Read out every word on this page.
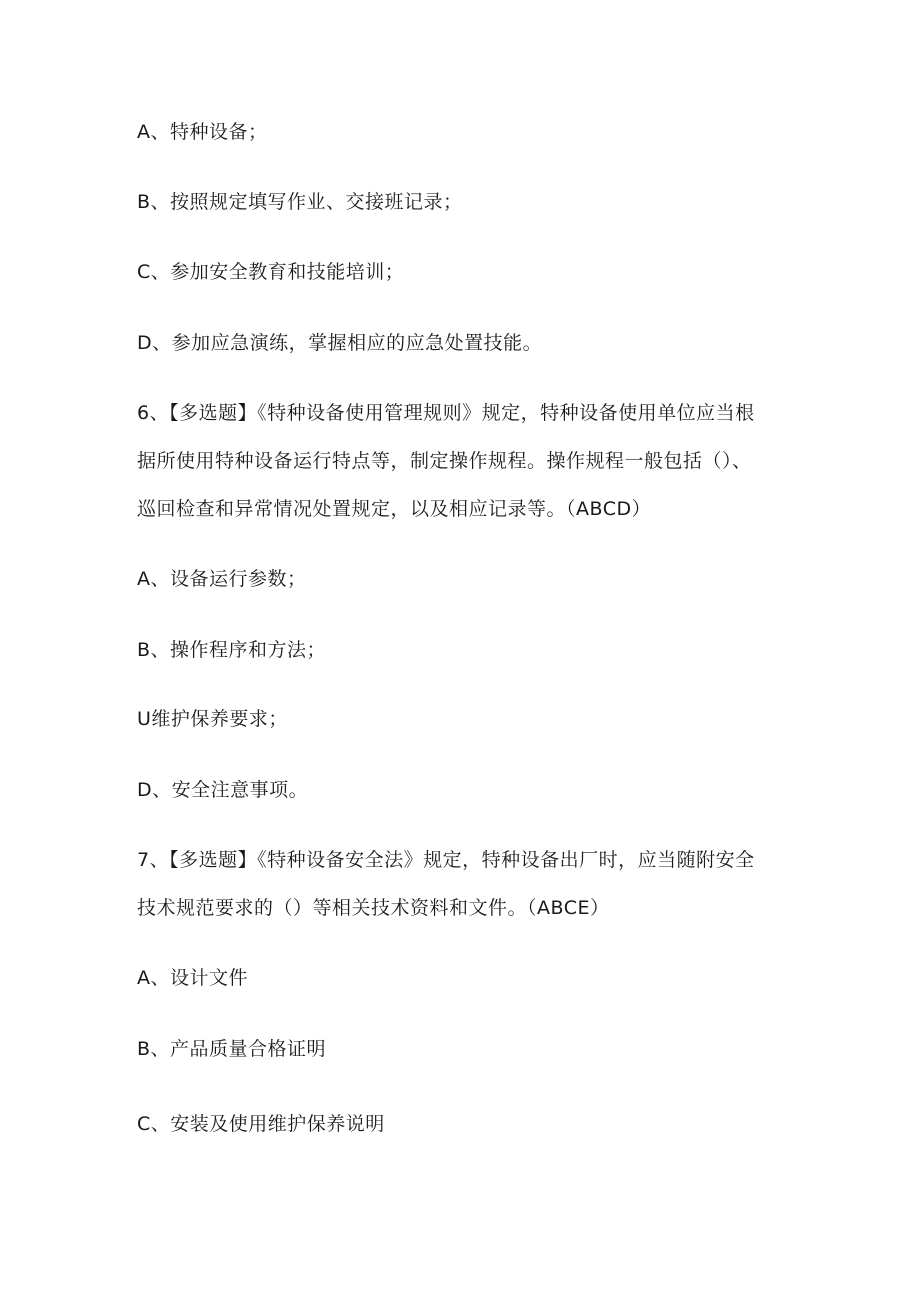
A、特种设备；
B、按照规定填写作业、交接班记录；
C、参加安全教育和技能培训；
D、参加应急演练，掌握相应的应急处置技能。
6、【多选题】《特种设备使用管理规则》规定，特种设备使用单位应当根
据所使用特种设备运行特点等，制定操作规程。操作规程一般包括（）、
巡回检查和异常情况处置规定，以及相应记录等。（ABCD）
A、设备运行参数；
B、操作程序和方法；
U维护保养要求；
D、安全注意事项。
7、【多选题】《特种设备安全法》规定，特种设备出厂时，应当随附安全
技术规范要求的（）等相关技术资料和文件。（ABCE）
A、设计文件
B、产品质量合格证明
C、安装及使用维护保养说明
